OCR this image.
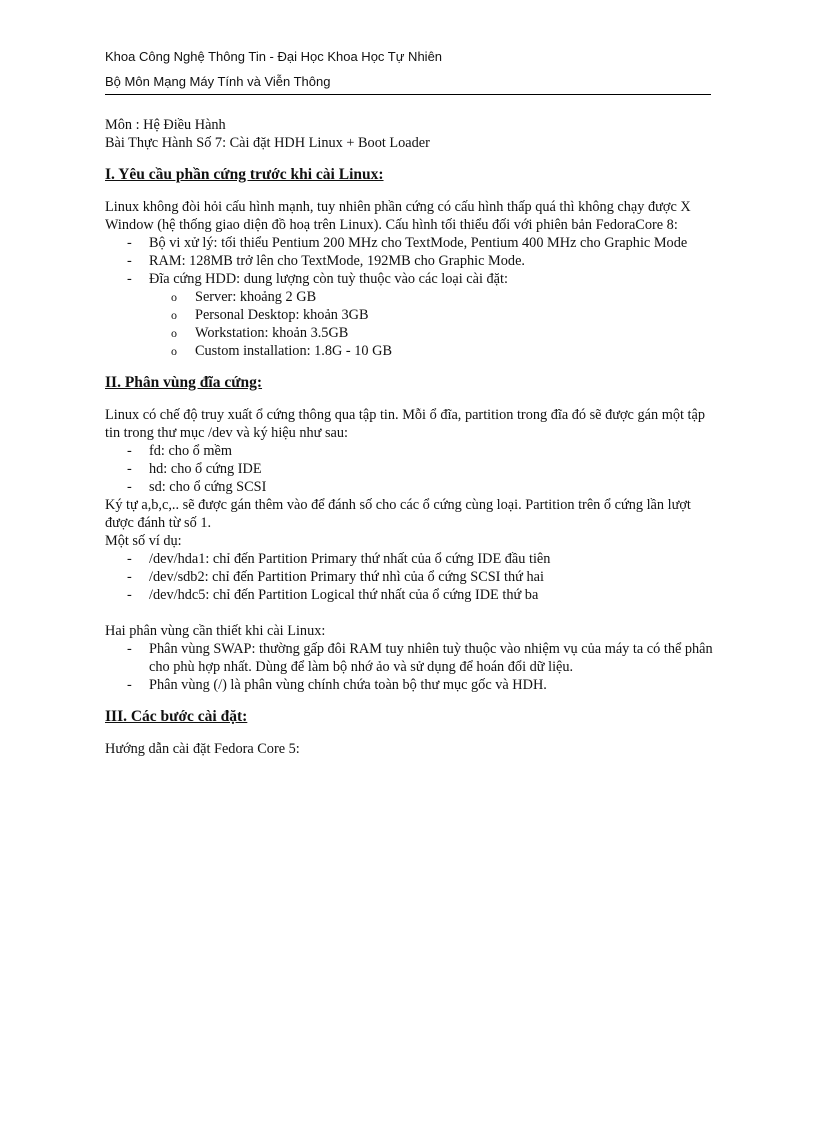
Khoa Công Nghệ Thông Tin - Đại Học Khoa Học Tự Nhiên
Bộ Môn Mạng Máy Tính và Viễn Thông

Môn : Hệ Điều Hành

Bài Thực Hành Số 7: Cài đặt HDH Linux + Boot Loader

I. Yêu cầu phần cứng trước khi cài Linux:

Linux không đòi hỏi cấu hình mạnh, tuy nhiên phần cứng có cấu hình thấp quá thì không chạy được X Window (hệ thống giao diện đồ hoạ trên Linux). Cấu hình tối thiểu đối với phiên bản FedoraCore 8:

- Bộ vi xử lý: tối thiểu Pentium 200 MHz cho TextMode, Pentium 400 MHz cho Graphic Mode
- RAM: 128MB trở lên cho TextMode, 192MB cho Graphic Mode.
- Đĩa cứng HDD: dung lượng còn tuỳ thuộc vào các loại cài đặt:
o Server: khoảng 2 GB
o Personal Desktop: khoản 3GB
o Workstation: khoản 3.5GB
o Custom installation: 1.8G - 10 GB

II. Phân vùng đĩa cứng:

Linux có chế độ truy xuất ổ cứng thông qua tập tin. Mỗi ổ đĩa, partition trong đĩa đó sẽ được gán một tập tin trong thư mục /dev và ký hiệu như sau:

- fd: cho ổ mềm
- hd: cho ổ cứng IDE
- sd: cho ổ cứng SCSI

Ký tự a,b,c,.. sẽ được gán thêm vào để đánh số cho các ổ cứng cùng loại. Partition trên ổ cứng lần lượt được đánh từ số 1.

Một số ví dụ:

- /dev/hda1: chỉ đến Partition Primary thứ nhất của ổ cứng IDE đầu tiên
- /dev/sdb2: chỉ đến Partition Primary thứ nhì của ổ cứng SCSI thứ hai
- /dev/hdc5: chỉ đến Partition Logical thứ nhất của ổ cứng IDE thứ ba

Hai phân vùng cần thiết khi cài Linux:

- Phân vùng SWAP: thường gấp đôi RAM tuy nhiên tuỳ thuộc vào nhiệm vụ của máy ta có thể phân cho phù hợp nhất. Dùng để làm bộ nhớ ảo và sử dụng để hoán đổi dữ liệu.
- Phân vùng (/) là phân vùng chính chứa toàn bộ thư mục gốc và HDH.

III. Các bước cài đặt:

Hướng dẫn cài đặt Fedora Core 5:
